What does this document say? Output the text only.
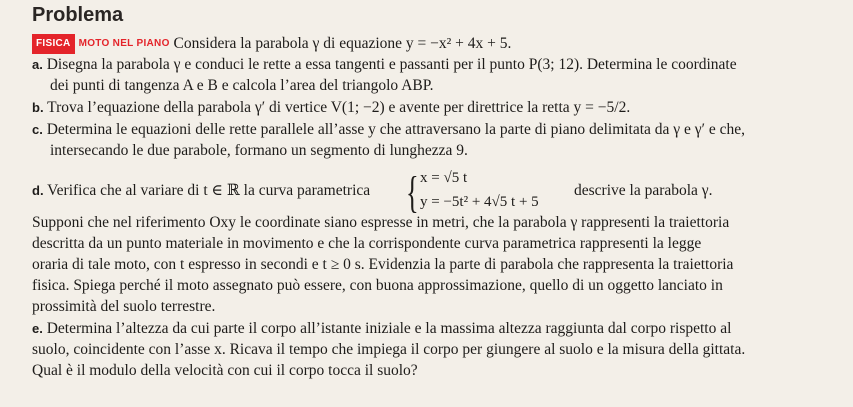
Problema
FISICA MOTO NEL PIANO Considera la parabola γ di equazione y = −x² + 4x + 5.
a. Disegna la parabola γ e conduci le rette a essa tangenti e passanti per il punto P(3; 12). Determina le coordinate
dei punti di tangenza A e B e calcola l’area del triangolo ABP.
b. Trova l’equazione della parabola γ′ di vertice V(1; −2) e avente per direttrice la retta y = −5/2.
c. Determina le equazioni delle rette parallele all’asse y che attraversano la parte di piano delimitata da γ e γ′ e che,
intersecando le due parabole, formano un segmento di lunghezza 9.
d. Verifica che al variare di t ∈ ℝ la curva parametrica { x = √5 t
y = −5t² + 4√5 t + 5
descrive la parabola γ.
Supponi che nel riferimento Oxy le coordinate siano espresse in metri, che la parabola γ rappresenti la traiettoria
descritta da un punto materiale in movimento e che la corrispondente curva parametrica rappresenti la legge
oraria di tale moto, con t espresso in secondi e t ≥ 0 s. Evidenzia la parte di parabola che rappresenta la traiettoria
fisica. Spiega perché il moto assegnato può essere, con buona approssimazione, quello di un oggetto lanciato in
prossimità del suolo terrestre.
e. Determina l’altezza da cui parte il corpo all’istante iniziale e la massima altezza raggiunta dal corpo rispetto al
suolo, coincidente con l’asse x. Ricava il tempo che impiega il corpo per giungere al suolo e la misura della gittata.
Qual è il modulo della velocità con cui il corpo tocca il suolo?
